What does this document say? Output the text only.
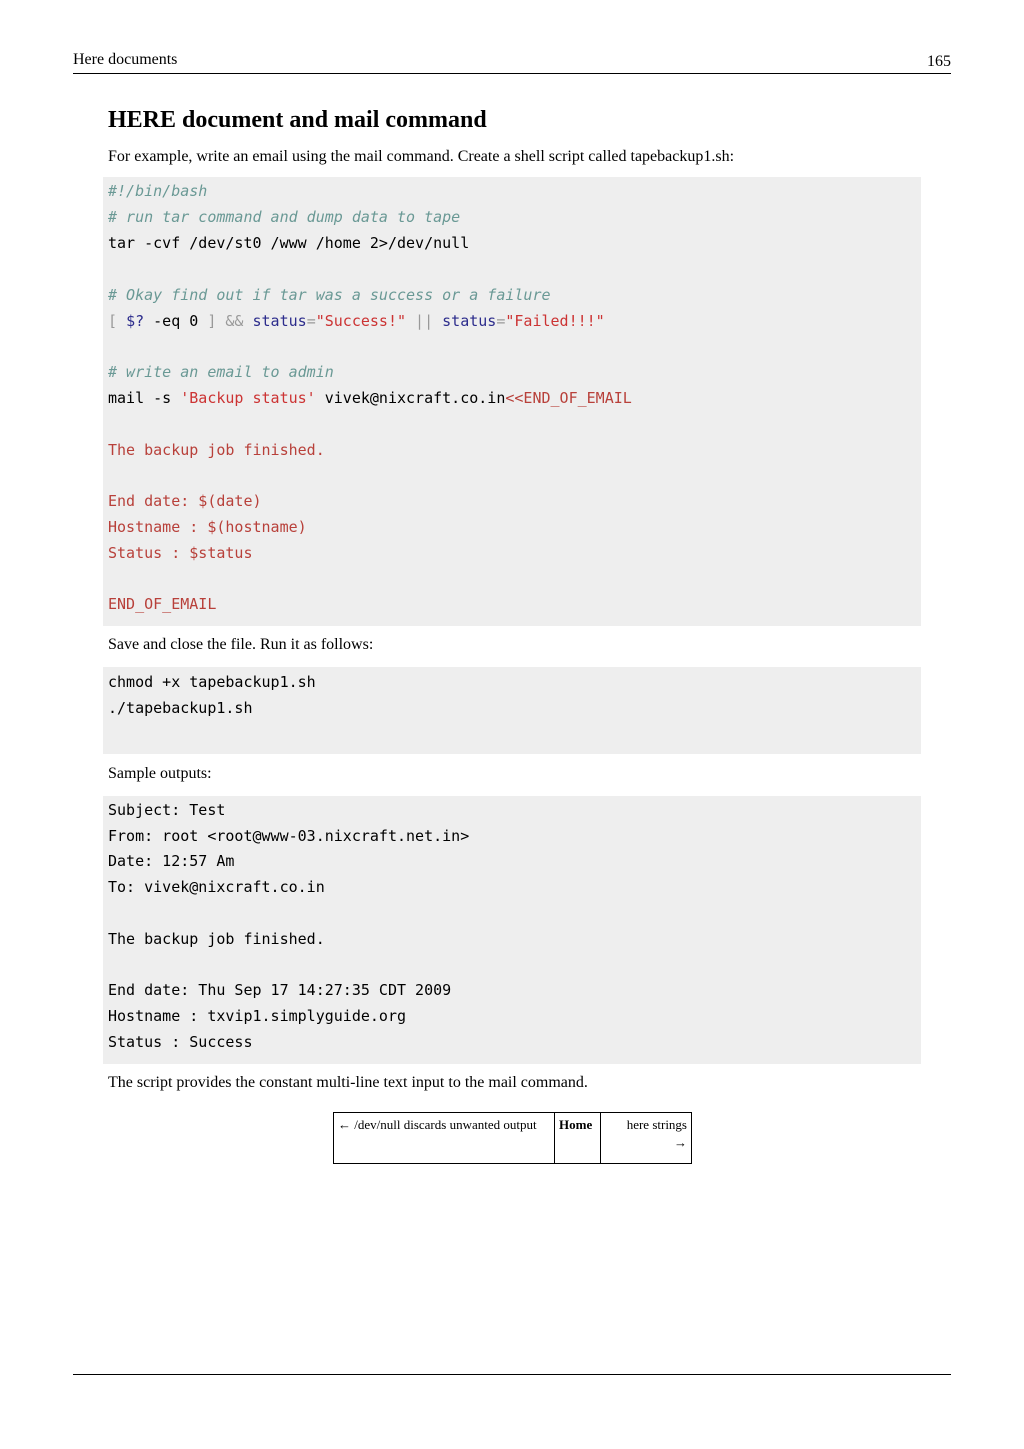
Here documents	165
HERE document and mail command

For example, write an email using the mail command. Create a shell script called tapebackup1.sh:

#!/bin/bash
# run tar command and dump data to tape
tar -cvf /dev/st0 /www /home 2>/dev/null
# Okay find out if tar was a success or a failure
[ $? -eq 0 ] && status="Success!" || status="Failed!!!"
# write an email to admin
mail -s 'Backup status' vivek@nixcraft.co.in<<END_OF_EMAIL
The backup job finished.
End date: $(date)
Hostname : $(hostname)
Status : $status
END_OF_EMAIL

Save and close the file. Run it as follows:

chmod +x tapebackup1.sh
./tapebackup1.sh

Sample outputs:

Subject: Test
From: root <root@www-03.nixcraft.net.in>
Date: 12:57 Am
To: vivek@nixcraft.co.in
The backup job finished.
End date: Thu Sep 17 14:27:35 CDT 2009
Hostname : txvip1.simplyguide.org
Status : Success

The script provides the constant multi-line text input to the mail command.

← /dev/null discards unwanted output	Home	here strings
→
